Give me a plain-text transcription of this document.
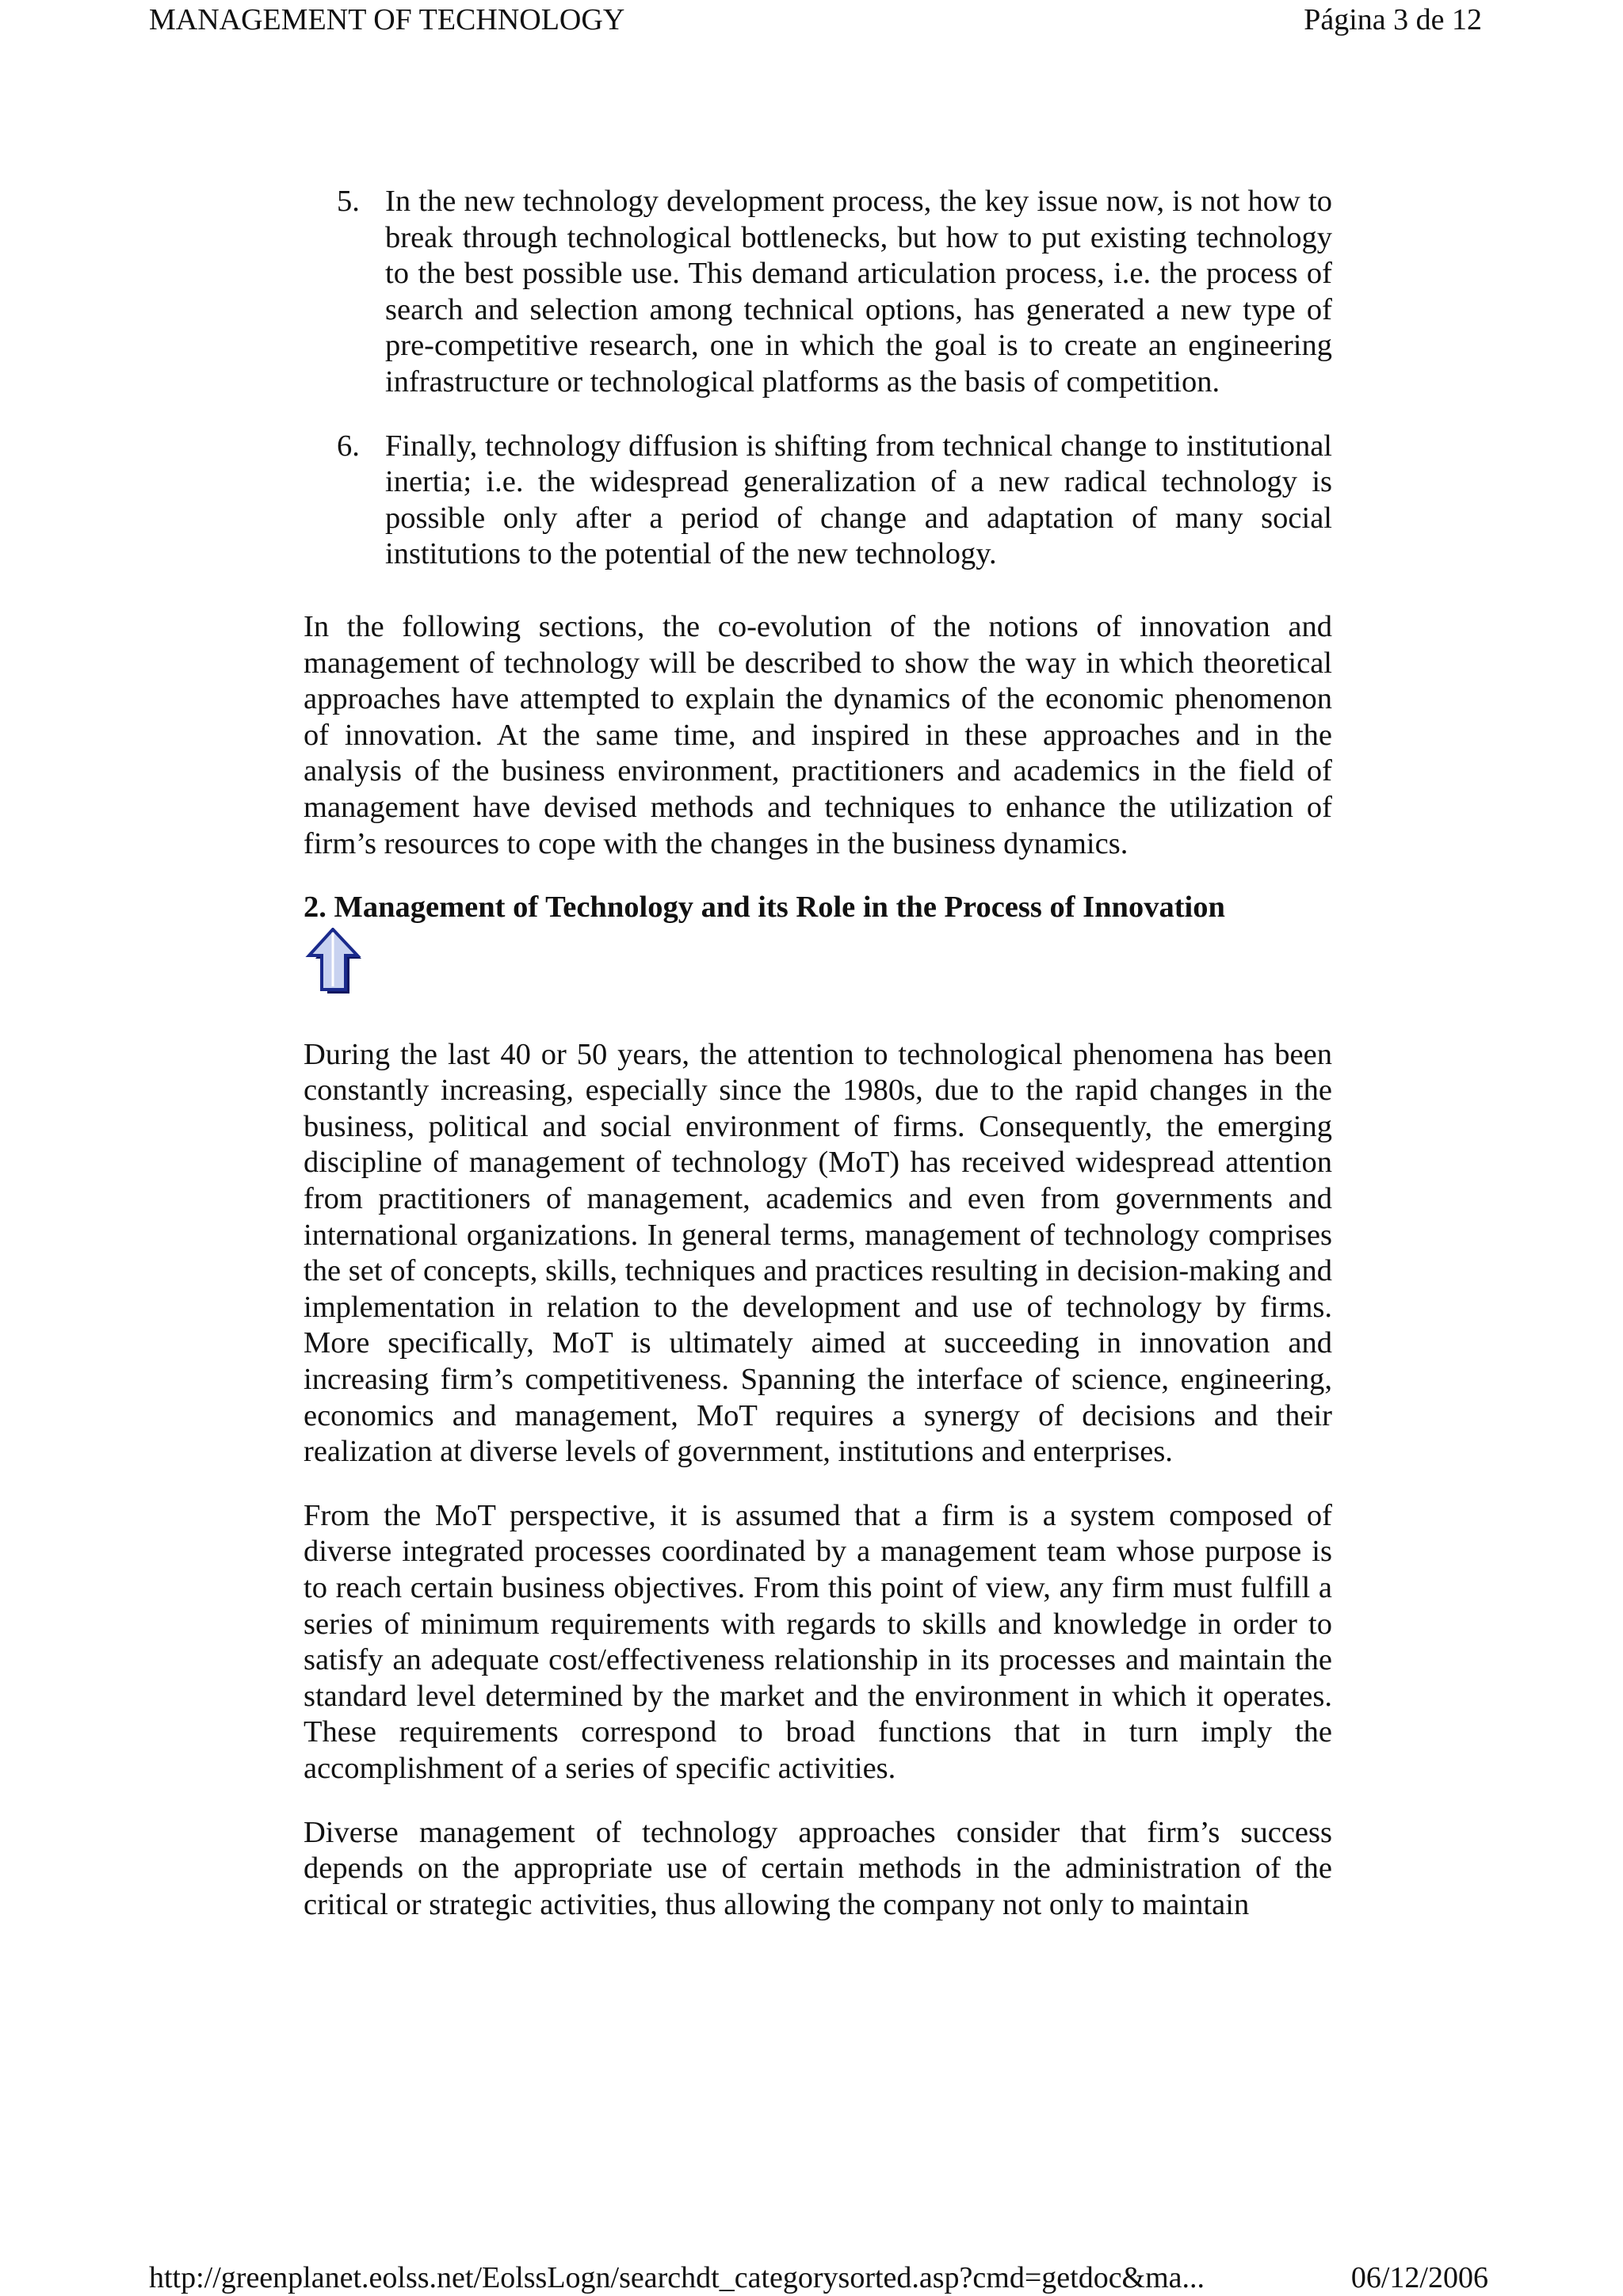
MANAGEMENT OF TECHNOLOGY	Página 3 de 12
5. In the new technology development process, the key issue now, is not how to break through technological bottlenecks, but how to put existing technology to the best possible use. This demand articulation process, i.e. the process of search and selection among technical options, has generated a new type of pre-competitive research, one in which the goal is to create an engineering infrastructure or technological platforms as the basis of competition.
6. Finally, technology diffusion is shifting from technical change to institutional inertia; i.e. the widespread generalization of a new radical technology is possible only after a period of change and adaptation of many social institutions to the potential of the new technology.

In the following sections, the co-evolution of the notions of innovation and management of technology will be described to show the way in which theoretical approaches have attempted to explain the dynamics of the economic phenomenon of innovation. At the same time, and inspired in these approaches and in the analysis of the business environment, practitioners and academics in the field of management have devised methods and techniques to enhance the utilization of firm’s resources to cope with the changes in the business dynamics.

2. Management of Technology and its Role in the Process of Innovation

During the last 40 or 50 years, the attention to technological phenomena has been constantly increasing, especially since the 1980s, due to the rapid changes in the business, political and social environment of firms. Consequently, the emerging discipline of management of technology (MoT) has received widespread attention from practitioners of management, academics and even from governments and international organizations. In general terms, management of technology comprises the set of concepts, skills, techniques and practices resulting in decision-making and implementation in relation to the development and use of technology by firms. More specifically, MoT is ultimately aimed at succeeding in innovation and increasing firm’s competitiveness. Spanning the interface of science, engineering, economics and management, MoT requires a synergy of decisions and their realization at diverse levels of government, institutions and enterprises.

From the MoT perspective, it is assumed that a firm is a system composed of diverse integrated processes coordinated by a management team whose purpose is to reach certain business objectives. From this point of view, any firm must fulfill a series of minimum requirements with regards to skills and knowledge in order to satisfy an adequate cost/effectiveness relationship in its processes and maintain the standard level determined by the market and the environment in which it operates. These requirements correspond to broad functions that in turn imply the accomplishment of a series of specific activities.

Diverse management of technology approaches consider that firm’s success depends on the appropriate use of certain methods in the administration of the critical or strategic activities, thus allowing the company not only to maintain

http://greenplanet.eolss.net/EolssLogn/searchdt_categorysorted.asp?cmd=getdoc&ma...	06/12/2006
